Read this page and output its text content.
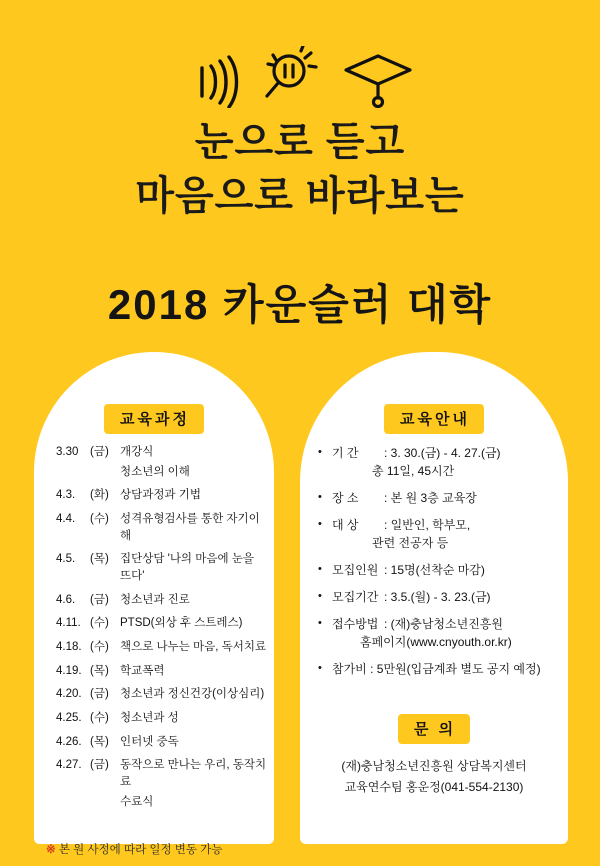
눈으로 듣고
마음으로 바라보는
2018 카운슬러 대학
교육과정
3.30	(금) 개강식
청소년의 이해
4.3.	(화) 상담과정과 기법
4.4.	(수) 성격유형검사를 통한 자기이해
4.5.	(목) 집단상담 '나의 마음에 눈을 뜨다'
4.6.	(금) 청소년과 진로
4.11. (수) PTSD(외상 후 스트레스)
4.18. (수) 책으로 나누는 마음, 독서치료
4.19. (목) 학교폭력
4.20. (금) 청소년과 정신건강(이상심리)
4.25. (수) 청소년과 성
4.26. (목) 인터넷 중독
4.27. (금) 동작으로 만나는 우리, 동작치료
수료식
교육안내
• 기 간 : 3. 30.(금) - 4. 27.(금)
총 11일, 45시간
• 장 소 : 본 원 3층 교육장
• 대 상 : 일반인, 학부모,
관련 전공자 등
• 모집인원 : 15명(선착순 마감)
• 모집기간 : 3.5.(월) - 3. 23.(금)
• 접수방법 : (재)충남청소년진흥원
홈페이지(www.cnyouth.or.kr)
• 참가비 : 5만원(입금계좌 별도 공지 예정)
문 의
(재)충남청소년진흥원 상담복지센터
교육연수팀 홍운정(041-554-2130)
※ 본 원 사정에 따라 일정 변동 가능
